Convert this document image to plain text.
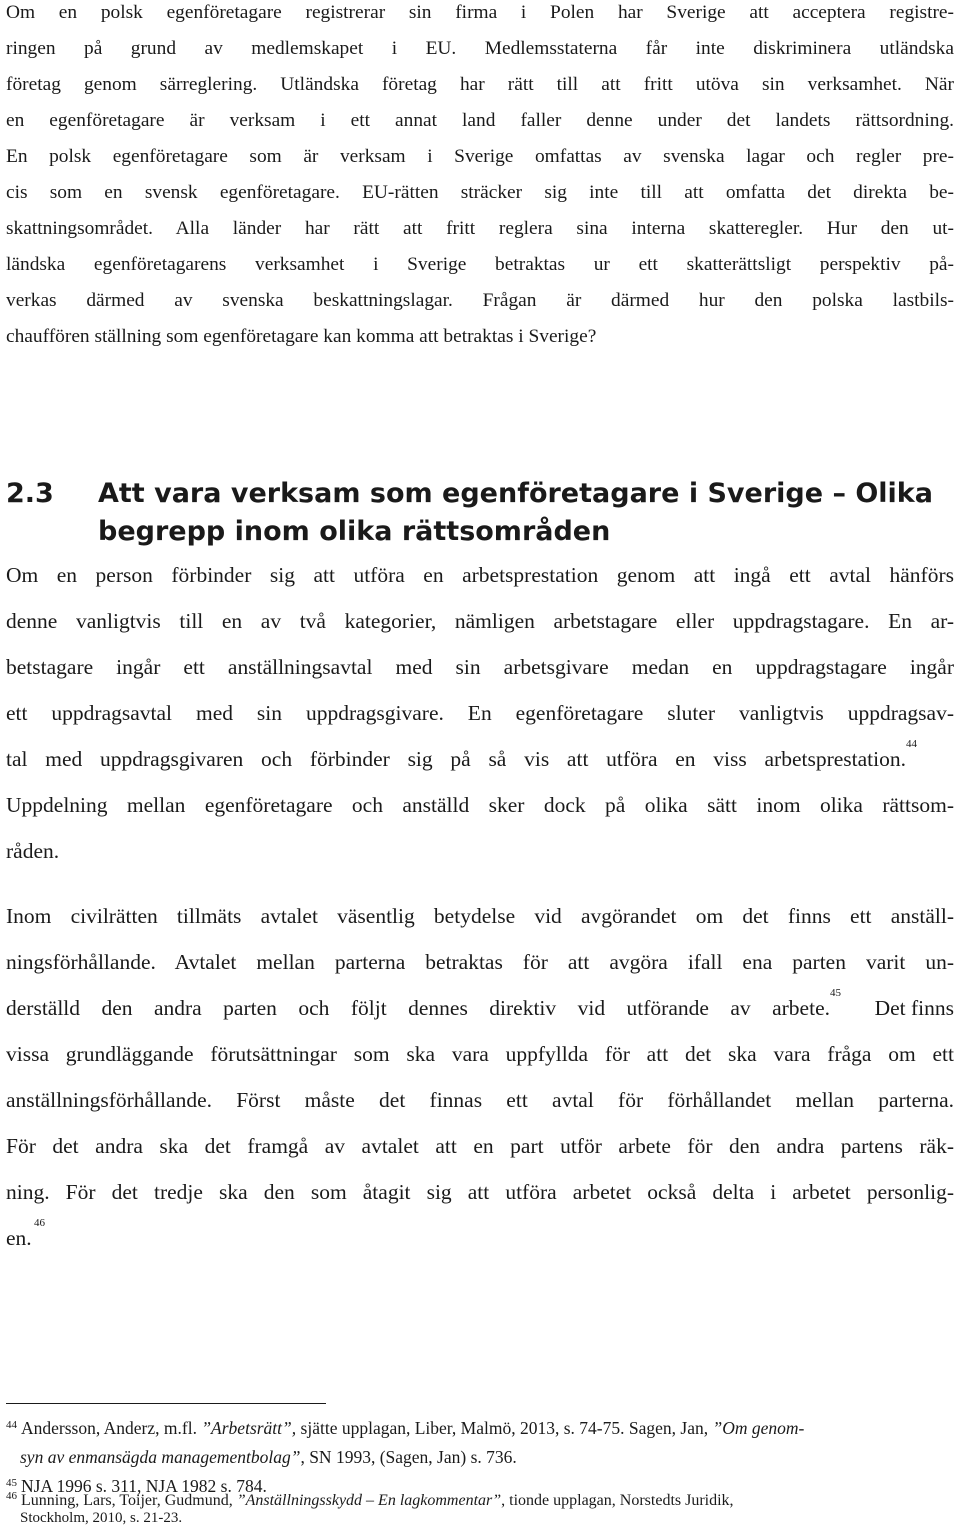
Om en polsk egenföretagare registrerar sin firma i Polen har Sverige att acceptera registre-
ringen på grund av medlemskapet i EU. Medlemsstaterna får inte diskriminera utländska
företag genom särreglering. Utländska företag har rätt till att fritt utöva sin verksamhet. När
en egenföretagare är verksam i ett annat land faller denne under det landets rättsordning.
En polsk egenföretagare som är verksam i Sverige omfattas av svenska lagar och regler pre-
cis som en svensk egenföretagare. EU-rätten sträcker sig inte till att omfatta det direkta be-
skattningsområdet. Alla länder har rätt att fritt reglera sina interna skatteregler. Hur den ut-
ländska egenföretagarens verksamhet i Sverige betraktas ur ett skatterättsligt perspektiv på-
verkas därmed av svenska beskattningslagar. Frågan är därmed hur den polska lastbils-
chauffören ställning som egenföretagare kan komma att betraktas i Sverige?
2.3 Att vara verksam som egenföretagare i Sverige – Olika
begrepp inom olika rättsområden
Om en person förbinder sig att utföra en arbetsprestation genom att ingå ett avtal hänförs
denne vanligtvis till en av två kategorier, nämligen arbetstagare eller uppdragstagare. En ar-
betstagare ingår ett anställningsavtal med sin arbetsgivare medan en uppdragstagare ingår
ett uppdragsavtal med sin uppdragsgivare. En egenföretagare sluter vanligtvis uppdragsav-
tal med uppdragsgivaren och förbinder sig på så vis att utföra en viss arbetsprestation.
44
Uppdelning mellan egenföretagare och anställd sker dock på olika sätt inom olika rättsom-
råden.
Inom civilrätten tillmäts avtalet väsentlig betydelse vid avgörandet om det finns ett anställ-
ningsförhållande. Avtalet mellan parterna betraktas för att avgöra ifall ena parten varit un-
derställd den andra parten och följt dennes direktiv vid utförande av arbete.
45
Det finns
vissa grundläggande förutsättningar som ska vara uppfyllda för att det ska vara fråga om ett
anställningsförhållande. Först måste det finnas ett avtal för förhållandet mellan parterna.
För det andra ska det framgå av avtalet att en part utför arbete för den andra partens räk-
ning. För det tredje ska den som åtagit sig att utföra arbetet också delta i arbetet personlig-
en.
46
$^{44}$ Andersson, Anderz, m.fl. ”Arbetsrätt”, sjätte upplagan, Liber, Malmö, 2013, s. 74-75. Sagen, Jan, ”Om genom-
syn av enmansägda managementbolag”, SN 1993, (Sagen, Jan) s. 736.
$^{45}$ NJA 1996 s. 311, NJA 1982 s. 784.
$^{46}$ Lunning, Lars, Toijer, Gudmund, ”Anställningsskydd – En lagkommentar”, tionde upplagan, Norstedts Juridik,
Stockholm, 2010, s. 21-23.
